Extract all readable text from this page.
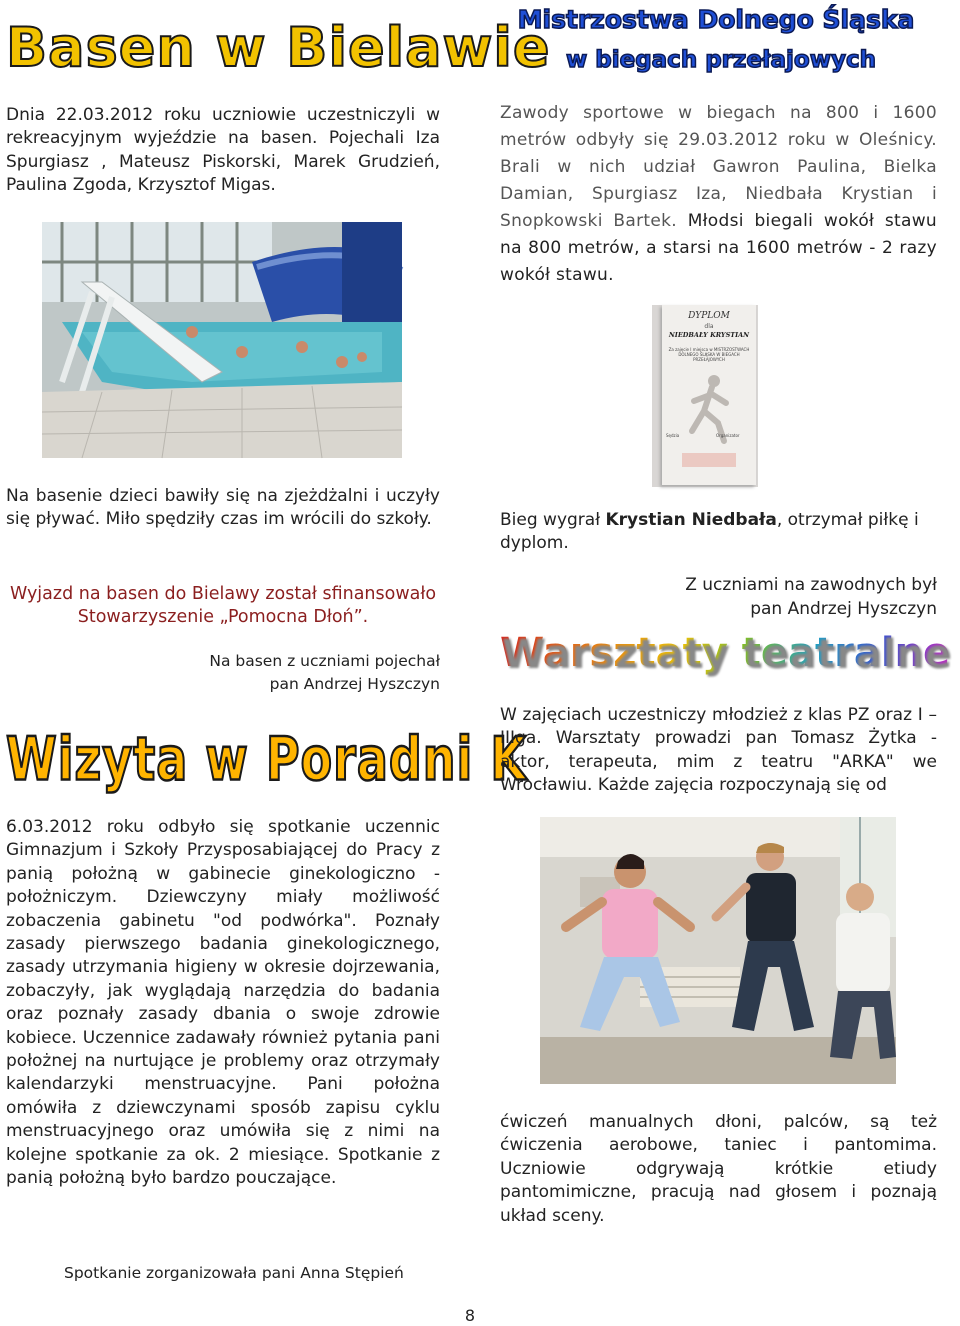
Basen w Bielawie
Dnia 22.03.2012 roku uczniowie uczestniczyli w rekreacyjnym wyjeździe na basen. Pojechali Iza Spurgiasz , Mateusz Piskorski, Marek Grudzień, Paulina Zgoda, Krzysztof Migas.
Na basenie dzieci bawiły się na zjeżdżalni i uczyły się pływać. Miło spędziły czas im wrócili do szkoły.
Wyjazd na basen do Bielawy został sfinansowało Stowarzyszenie „Pomocna Dłoń”.
Na basen z uczniami pojechał
pan Andrzej Hyszczyn
Wizyta w Poradni K
6.03.2012 roku odbyło się spotkanie uczennic Gimnazjum i Szkoły Przysposabiającej do Pracy z panią położną w gabinecie ginekologiczno - położniczym. Dziewczyny miały możliwość zobaczenia gabinetu "od podwórka". Poznały zasady pierwszego badania ginekologicznego, zasady utrzymania higieny w okresie dojrzewania, zobaczyły, jak wyglądają narzędzia do badania oraz poznały zasady dbania o swoje zdrowie kobiece. Uczennice zadawały również pytania pani położnej na nurtujące je problemy oraz otrzymały kalendarzyki menstruacyjne. Pani położna omówiła z dziewczynami sposób zapisu cyklu menstruacyjnego oraz umówiła się z nimi na kolejne spotkanie za ok. 2 miesiące. Spotkanie z panią położną było bardzo pouczające.
Spotkanie zorganizowała pani Anna Stępień
Mistrzostwa Dolnego Śląska
w biegach przełajowych
Zawody sportowe w biegach na 800 i 1600 metrów odbyły się 29.03.2012 roku w Oleśnicy. Brali w nich udział Gawron Paulina, Bielka Damian, Spurgiasz Iza, Niedbała Krystian i Snopkowski Bartek. Młodsi biegali wokół stawu na 800 metrów, a starsi na 1600 metrów - 2 razy wokół stawu.
DYPLOM
dla
NIEDBAŁY KRYSTIAN
Za zajęcie I miejsca w MISTRZOSTWACH DOLNEGO ŚLĄSKA W BIEGACH PRZEŁAJOWYCH
Sędzia	Organizator
Bieg wygrał Krystian Niedbała, otrzymał piłkę i dyplom.
Z uczniami na zawodnych był
pan Andrzej Hyszczyn
Warsztaty teatralne
W zajęciach uczestniczy młodzież z klas PZ oraz I – IIIga. Warsztaty prowadzi pan Tomasz Żytka - aktor, terapeuta, mim z teatru "ARKA" we Wrocławiu. Każde zajęcia rozpoczynają się od
ćwiczeń manualnych dłoni, palców, są też ćwiczenia aerobowe, taniec i pantomima. Uczniowie odgrywają krótkie etiudy pantomimiczne, pracują nad głosem i poznają układ sceny.
8
